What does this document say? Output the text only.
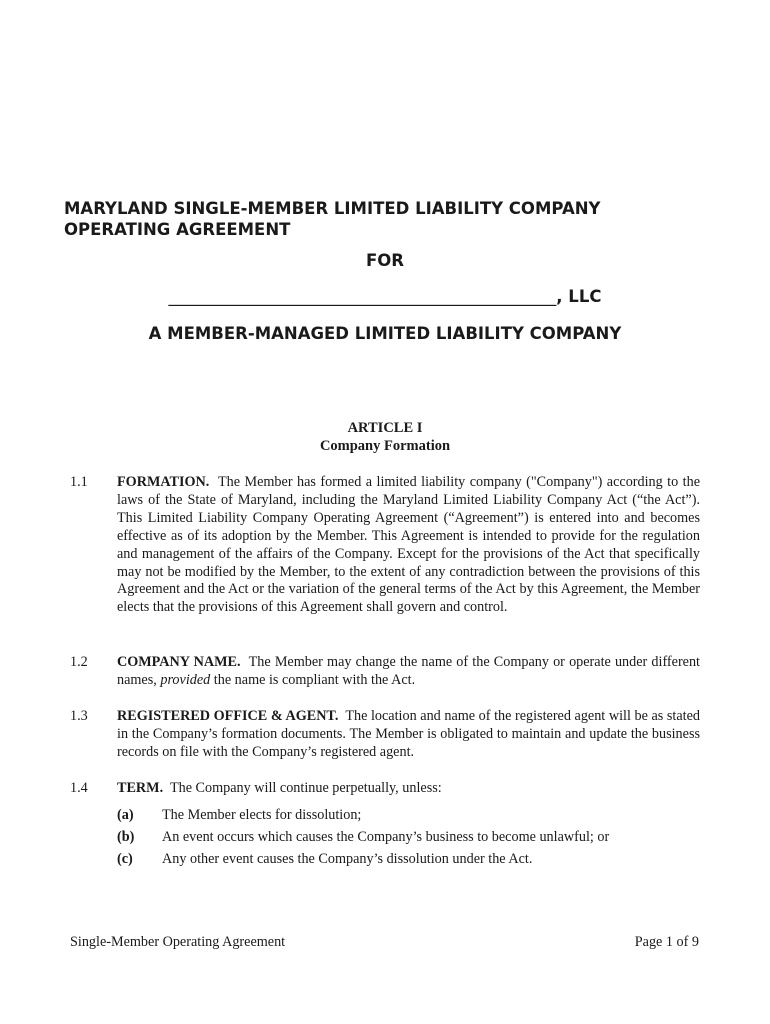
MARYLAND SINGLE-MEMBER LIMITED LIABILITY COMPANY
OPERATING AGREEMENT
FOR
_______________________________________________, LLC
A MEMBER-MANAGED LIMITED LIABILITY COMPANY
ARTICLE I
Company Formation
1.1	FORMATION. The Member has formed a limited liability company ("Company") according to the laws of the State of Maryland, including the Maryland Limited Liability Company Act (“the Act”). This Limited Liability Company Operating Agreement (“Agreement”) is entered into and becomes effective as of its adoption by the Member. This Agreement is intended to provide for the regulation and management of the affairs of the Company. Except for the provisions of the Act that specifically may not be modified by the Member, to the extent of any contradiction between the provisions of this Agreement and the Act or the variation of the general terms of the Act by this Agreement, the Member elects that the provisions of this Agreement shall govern and control.
1.2	COMPANY NAME. The Member may change the name of the Company or operate under different names, provided the name is compliant with the Act.
1.3	REGISTERED OFFICE & AGENT. The location and name of the registered agent will be as stated in the Company’s formation documents. The Member is obligated to maintain and update the business records on file with the Company’s registered agent.
1.4	TERM. The Company will continue perpetually, unless:
(a) The Member elects for dissolution;
(b) An event occurs which causes the Company’s business to become unlawful; or
(c) Any other event causes the Company’s dissolution under the Act.
Single-Member Operating Agreement	Page 1 of 9
